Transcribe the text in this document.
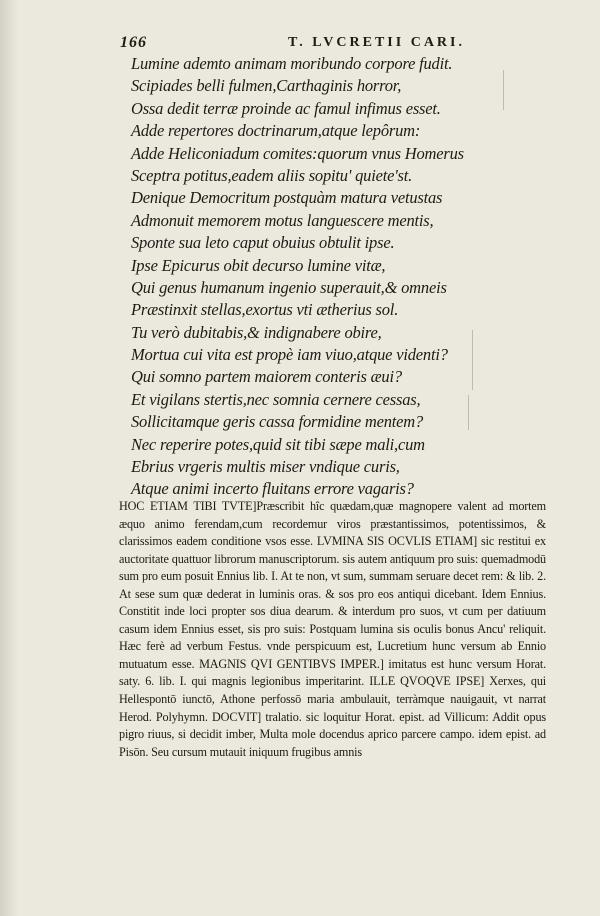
166	T. LVCRETII CARI.
Lumine ademto animam moribundo corpore fudit.
Scipiades belli fulmen,Carthaginis horror,
Ossa dedit terræ proinde ac famul infimus esset.
Adde repertores doctrinarum,atque lepôrum:
Adde Heliconiadum comites:quorum vnus Homerus
Sceptra potitus,eadem aliis sopitu' quiete'st.
Denique Democritum postquàm matura vetustas
Admonuit memorem motus languescere mentis,
Sponte sua leto caput obuius obtulit ipse.
Ipse Epicurus obit decurso lumine vitæ,
Qui genus humanum ingenio superauit,& omneis
Præstinxit stellas,exortus vti ætherius sol.
Tu verò dubitabis,& indignabere obire,
Mortua cui vita est propè iam viuo,atque videnti?
Qui somno partem maiorem conteris æui?
Et vigilans stertis,nec somnia cernere cessas,
Sollicitamque geris cassa formidine mentem?
Nec reperire potes,quid sit tibi sæpe mali,cum
Ebrius vrgeris multis miser vndique curis,
Atque animi incerto fluitans errore vagaris?

HOC ETIAM TIBI TVTE]Præscribit hîc quædam,quæ magnopere valent ad mortem æquo animo ferendam,cum recordemur viros præstantissimos, potentissimos, & clarissimos eadem conditione vsos esse. LVMINA SIS OCVLIS ETIAM] sic restitui ex auctoritate quattuor librorum manuscriptorum. sis autem antiquum pro suis: quemadmodū sum pro eum posuit Ennius lib. I. At te non, vt sum, summam seruare decet rem: & lib. 2. At sese sum quæ dederat in luminis oras. & sos pro eos antiqui dicebant. Idem Ennius. Constitit inde loci propter sos diua dearum. & interdum pro suos, vt cum per datiuum casum idem Ennius esset, sis pro suis: Postquam lumina sis oculis bonus Ancu' reliquit. Hæc ferè ad verbum Festus. vnde perspicuum est, Lucretium hunc versum ab Ennio mutuatum esse. MAGNIS QVI GENTIBVS IMPER.] imitatus est hunc versum Horat. saty. 6. lib. I. qui magnis legionibus imperitarint. ILLE QVOQVE IPSE] Xerxes, qui Hellespontō iunctō, Athone perfossō maria ambulauit, terràmque nauigauit, vt narrat Herod. Polyhymn. DOCVIT] tralatio. sic loquitur Horat. epist. ad Villicum: Addit opus pigro riuus, si decidit imber, Multa mole docendus aprico parcere campo. idem epist. ad Pisōn. Seu cursum mutauit iniquum frugibus amnis
